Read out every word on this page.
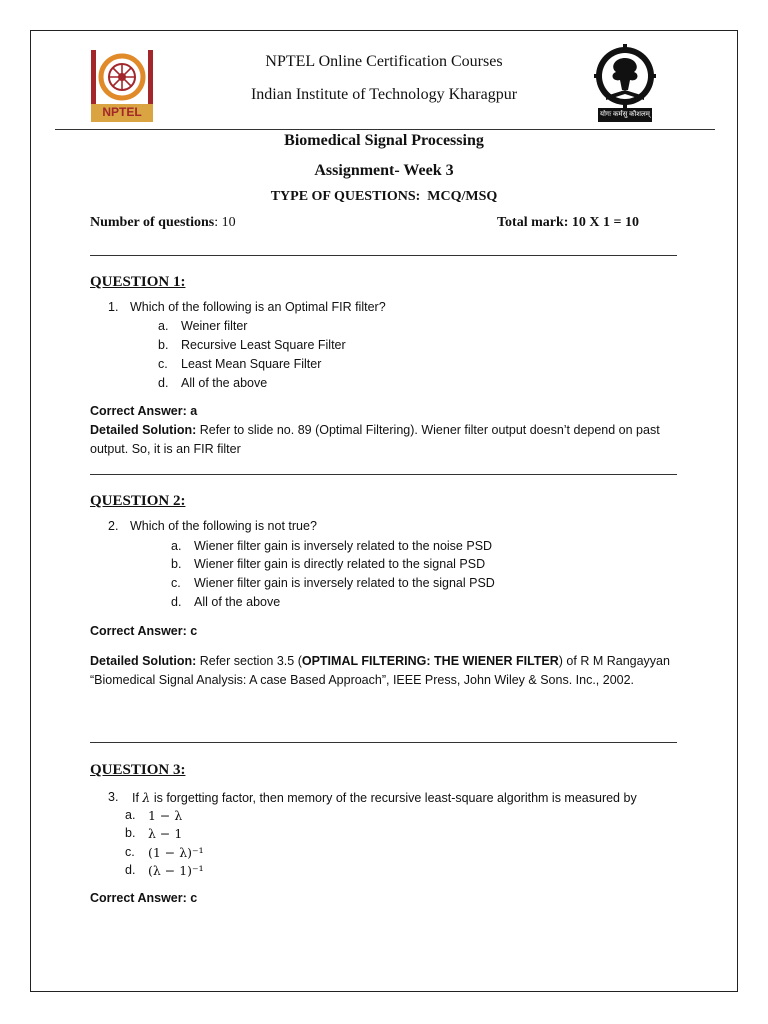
NPTEL	योगः कर्मसु कौशलम्
NPTEL Online Certification Courses
Indian Institute of Technology Kharagpur
Biomedical Signal Processing
Assignment- Week 3
TYPE OF QUESTIONS:  MCQ/MSQ
Number of questions: 10	Total mark: 10 X 1 = 10
QUESTION 1:
1. Which of the following is an Optimal FIR filter?
a. Weiner filter
b. Recursive Least Square Filter
c. Least Mean Square Filter
d. All of the above
Correct Answer: a
Detailed Solution: Refer to slide no. 89 (Optimal Filtering). Wiener filter output doesn’t depend on past
output. So, it is an FIR filter
QUESTION 2:
2. Which of the following is not true?
a. Wiener filter gain is inversely related to the noise PSD
b. Wiener filter gain is directly related to the signal PSD
c. Wiener filter gain is inversely related to the signal PSD
d. All of the above
Correct Answer: c
Detailed Solution: Refer section 3.5 (OPTIMAL FILTERING: THE WIENER FILTER) of R M Rangayyan
“Biomedical Signal Analysis: A case Based Approach”, IEEE Press, John Wiley & Sons. Inc., 2002.
QUESTION 3:
3. If λ is forgetting factor, then memory of the recursive least-square algorithm is measured by
a. 1 − λ
b. λ − 1
c. (1 − λ)⁻¹
d. (λ − 1)⁻¹
Correct Answer: c
